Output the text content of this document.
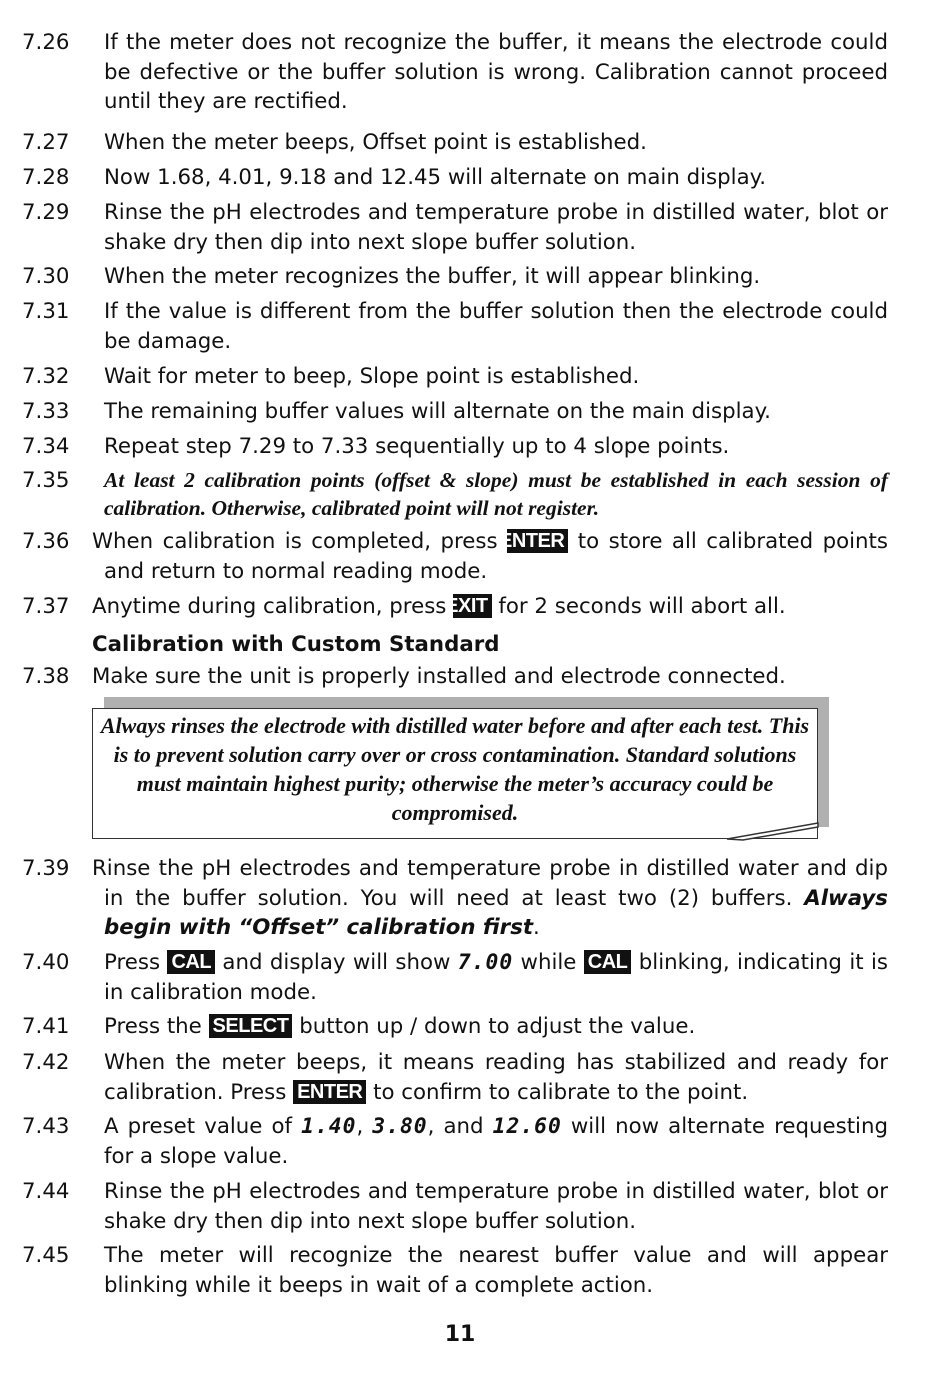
7.26 If the meter does not recognize the buffer, it means the electrode could be defective or the buffer solution is wrong. Calibration cannot proceed until they are rectified.
7.27 When the meter beeps, Offset point is established.
7.28 Now 1.68, 4.01, 9.18 and 12.45 will alternate on main display.
7.29 Rinse the pH electrodes and temperature probe in distilled water, blot or shake dry then dip into next slope buffer solution.
7.30 When the meter recognizes the buffer, it will appear blinking.
7.31 If the value is different from the buffer solution then the electrode could be damage.
7.32 Wait for meter to beep, Slope point is established.
7.33 The remaining buffer values will alternate on the main display.
7.34 Repeat step 7.29 to 7.33 sequentially up to 4 slope points.
7.35 At least 2 calibration points (offset & slope) must be established in each session of calibration. Otherwise, calibrated point will not register.
7.36 When calibration is completed, press ENTER to store all calibrated points and return to normal reading mode.
7.37 Anytime during calibration, press EXIT for 2 seconds will abort all.
Calibration with Custom Standard
7.38 Make sure the unit is properly installed and electrode connected.
Always rinses the electrode with distilled water before and after each test. This is to prevent solution carry over or cross contamination. Standard solutions must maintain highest purity; otherwise the meter’s accuracy could be compromised.
7.39 Rinse the pH electrodes and temperature probe in distilled water and dip in the buffer solution. You will need at least two (2) buffers. Always begin with “Offset” calibration first.
7.40 Press CAL and display will show 7.00 while CAL blinking, indicating it is in calibration mode.
7.41 Press the SELECT button up / down to adjust the value.
7.42 When the meter beeps, it means reading has stabilized and ready for calibration. Press ENTER to confirm to calibrate to the point.
7.43 A preset value of 1.40, 3.80, and 12.60 will now alternate requesting for a slope value.
7.44 Rinse the pH electrodes and temperature probe in distilled water, blot or shake dry then dip into next slope buffer solution.
7.45 The meter will recognize the nearest buffer value and will appear blinking while it beeps in wait of a complete action.
11
